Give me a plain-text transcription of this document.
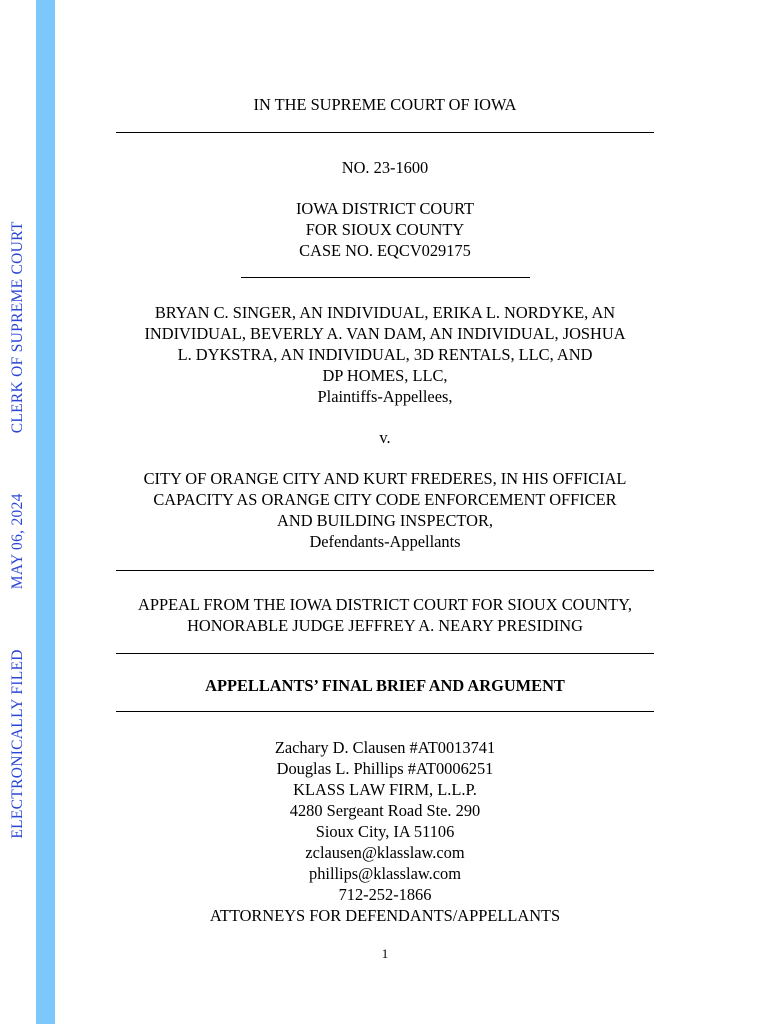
ELECTRONICALLY FILEDMAY 06, 2024CLERK OF SUPREME COURT
IN THE SUPREME COURT OF IOWA
NO. 23-1600
IOWA DISTRICT COURT
FOR SIOUX COUNTY
CASE NO. EQCV029175
BRYAN C. SINGER, AN INDIVIDUAL, ERIKA L. NORDYKE, AN
INDIVIDUAL, BEVERLY A. VAN DAM, AN INDIVIDUAL, JOSHUA
L. DYKSTRA, AN INDIVIDUAL, 3D RENTALS, LLC, AND
DP HOMES, LLC,
Plaintiffs-Appellees,
v.
CITY OF ORANGE CITY AND KURT FREDERES, IN HIS OFFICIAL
CAPACITY AS ORANGE CITY CODE ENFORCEMENT OFFICER
AND BUILDING INSPECTOR,
Defendants-Appellants
APPEAL FROM THE IOWA DISTRICT COURT FOR SIOUX COUNTY,
HONORABLE JUDGE JEFFREY A. NEARY PRESIDING
APPELLANTS’ FINAL BRIEF AND ARGUMENT
Zachary D. Clausen #AT0013741
Douglas L. Phillips #AT0006251
KLASS LAW FIRM, L.L.P.
4280 Sergeant Road Ste. 290
Sioux City, IA 51106
zclausen@klasslaw.com
phillips@klasslaw.com
712-252-1866
ATTORNEYS FOR DEFENDANTS/APPELLANTS
1
